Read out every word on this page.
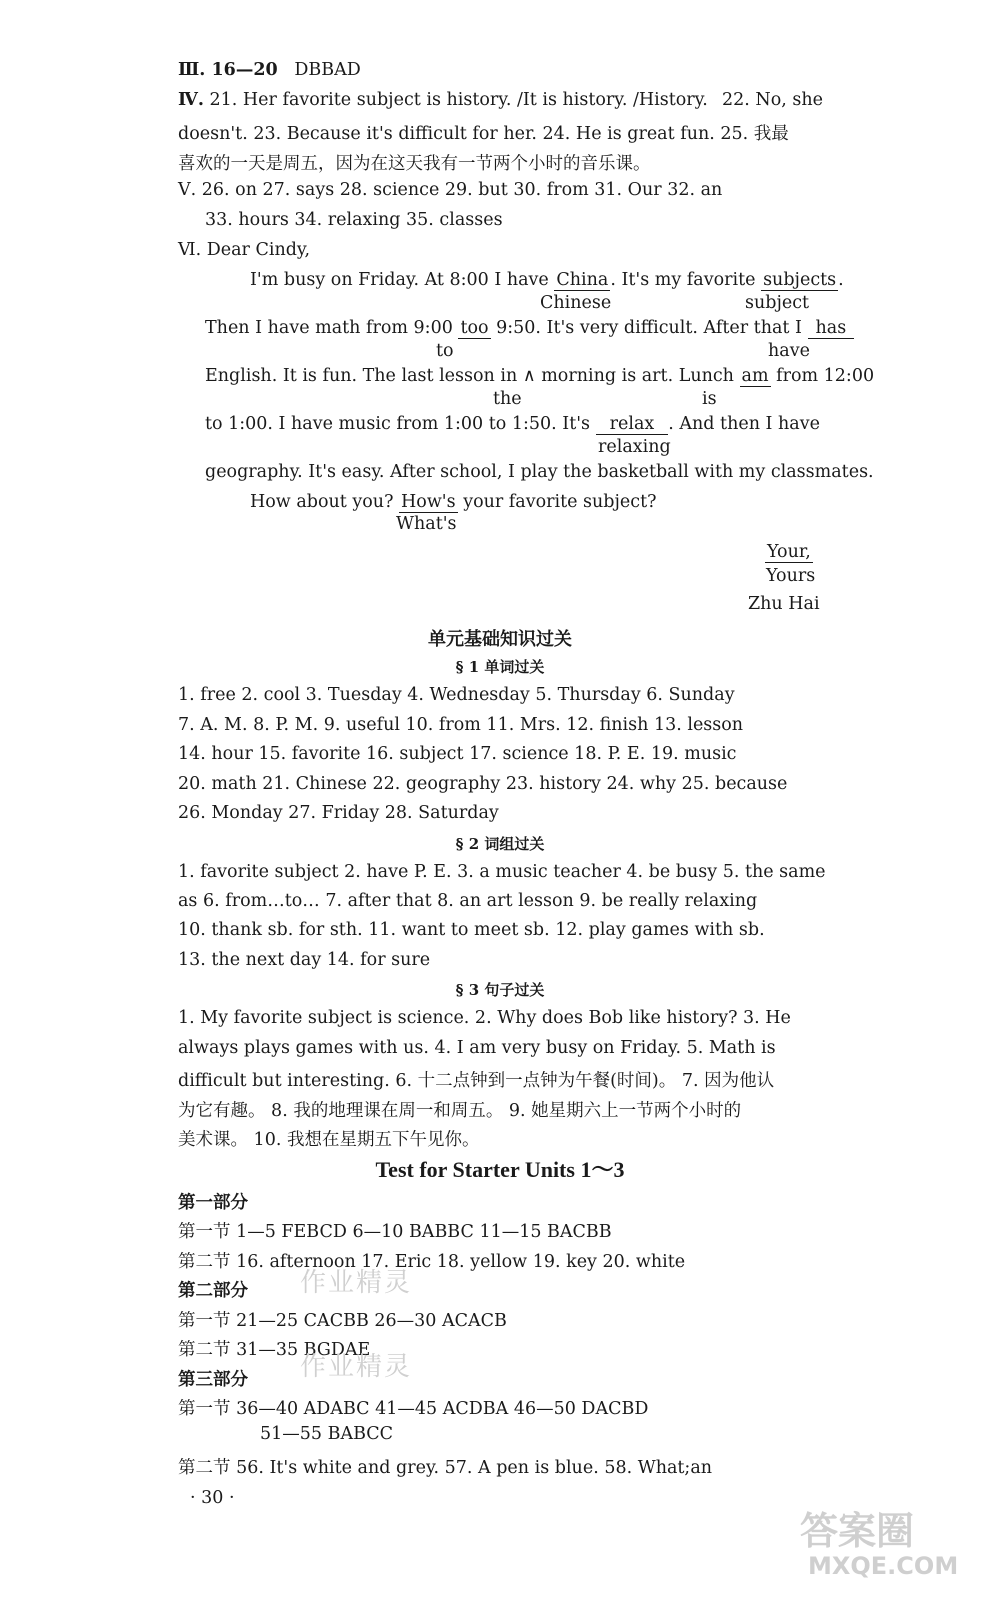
Ⅲ. 16—20 DBBAD
Ⅳ. 21. Her favorite subject is history. /It is history. /History. 22. No, she
doesn't. 23. Because it's difficult for her. 24. He is great fun. 25. 我最
喜欢的一天是周五，因为在这天我有一节两个小时的音乐课。
Ⅴ. 26. on 27. says 28. science 29. but 30. from 31. Our 32. an
33. hours 34. relaxing 35. classes
Ⅵ. Dear Cindy,
I'm busy on Friday. At 8:00 I have China . It's my favorite subjects .
Chinese	subject
Then I have math from 9:00 too 9:50. It's very difficult. After that I has
to	have
English. It is fun. The last lesson in ∧ morning is art. Lunch am from 12:00
the	is
to 1:00. I have music from 1:00 to 1:50. It's relax . And then I have
relaxing
geography. It's easy. After school, I play the basketball with my classmates.
How about you? How's your favorite subject?
What's
Your,
Yours
Zhu Hai
单元基础知识过关
§ 1 单词过关
1. free 2. cool 3. Tuesday 4. Wednesday 5. Thursday 6. Sunday
7. A. M. 8. P. M. 9. useful 10. from 11. Mrs. 12. finish 13. lesson
14. hour 15. favorite 16. subject 17. science 18. P. E. 19. music
20. math 21. Chinese 22. geography 23. history 24. why 25. because
26. Monday 27. Friday 28. Saturday
§ 2 词组过关
1. favorite subject 2. have P. E. 3. a music teacher 4. be busy 5. the same
as 6. from…to… 7. after that 8. an art lesson 9. be really relaxing
10. thank sb. for sth. 11. want to meet sb. 12. play games with sb.
13. the next day 14. for sure
§ 3 句子过关
1. My favorite subject is science. 2. Why does Bob like history? 3. He
always plays games with us. 4. I am very busy on Friday. 5. Math is
difficult but interesting. 6. 十二点钟到一点钟为午餐(时间)。 7. 因为他认
为它有趣。 8. 我的地理课在周一和周五。 9. 她星期六上一节两个小时的
美术课。 10. 我想在星期五下午见你。
Test for Starter Units 1～3
第一部分
第一节 1—5 FEBCD 6—10 BABBC 11—15 BACBB
第二节 16. afternoon 17. Eric 18. yellow 19. key 20. white
第二部分
第一节 21—25 CACBB 26—30 ACACB
第二节 31—35 BGDAE
第三部分
第一节 36—40 ADABC 41—45 ACDBA 46—50 DACBD
51—55 BABCC
第二节 56. It's white and grey. 57. A pen is blue. 58. What;an
· 30 ·
作业精灵
作业精灵
答案圈
MXQE.COM
